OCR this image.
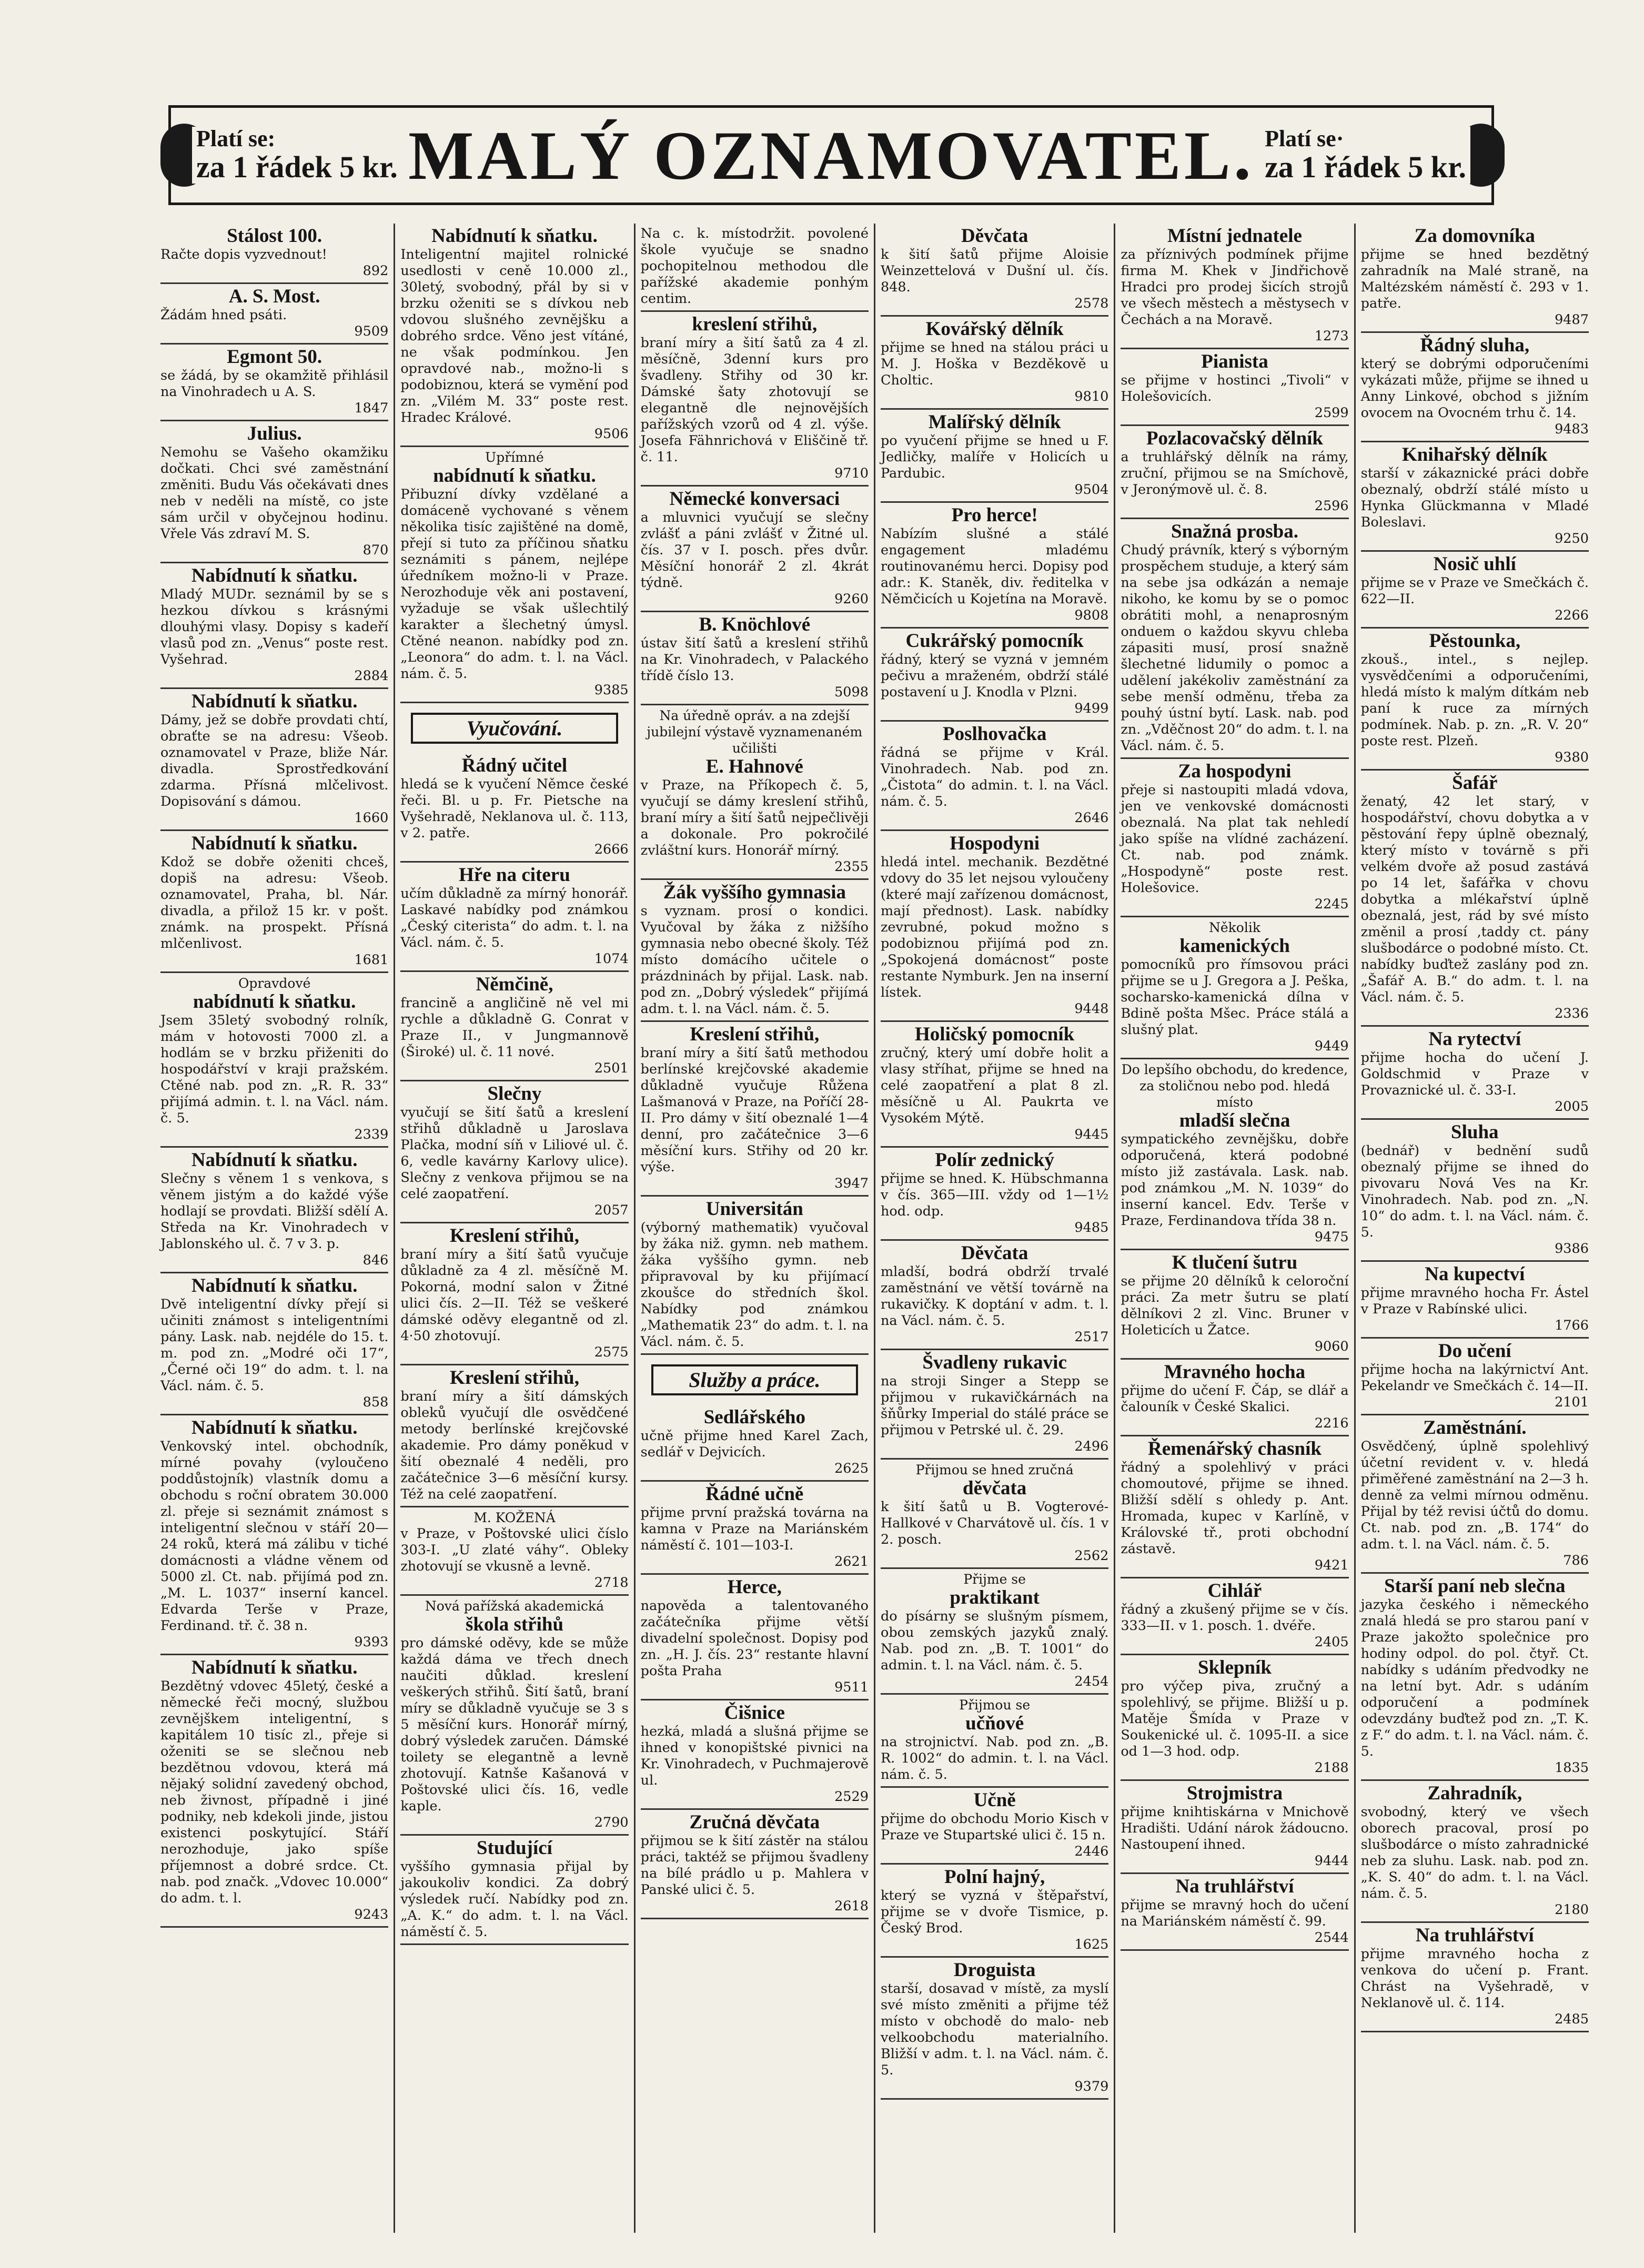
Platí se:
za 1 řádek 5 kr. MALÝ OZNAMOVATEL. Platí se·
za 1 řádek 5 kr.
Stálost 100.
Račte dopis vyzvednout!
892
A. S. Most.
Žádám hned psáti.
9509
Egmont 50.
se žádá, by se okamžitě přihlásil na Vinohradech u A. S.
1847
Julius.
Nemohu se Vašeho okamžiku dočkati. Chci své zaměstnání změniti. Budu Vás očekávati dnes neb v neděli na místě, co jste sám určil v obyčejnou hodinu. Vřele Vás zdraví M. S.
870
Nabídnutí k sňatku.
Mladý MUDr. seznámil by se s hezkou dívkou s krásnými dlouhými vlasy. Dopisy s kadeří vlasů pod zn. „Venus“ poste rest. Vyšehrad.
2884
Nabídnutí k sňatku.
Dámy, jež se dobře provdati chtí, obraťte se na adresu: Všeob. oznamovatel v Praze, bliže Nár. divadla. Sprostředkování zdarma. Přísná mlčelivost. Dopisování s dámou.
1660
Nabídnutí k sňatku.
Kdož se dobře oženiti chceš, dopiš na adresu: Všeob. oznamovatel, Praha, bl. Nár. divadla, a přilož 15 kr. v pošt. známk. na prospekt. Přísná mlčenlivost.
1681
Opravdové
nabídnutí k sňatku.
Jsem 35letý svobodný rolník, mám v hotovosti 7000 zl. a hodlám se v brzku přiženiti do hospodářství v kraji pražském. Ctěné nab. pod zn. „R. R. 33“ přijímá admin. t. l. na Václ. nám. č. 5.
2339
Nabídnutí k sňatku.
Slečny s věnem 1 s venkova, s věnem jistým a do každé výše hodlají se provdati. Bližší sdělí A. Středa na Kr. Vinohradech v Jablonského ul. č. 7 v 3. p.
846
Nabídnutí k sňatku.
Dvě inteligentní dívky přejí si učiniti známost s inteligentními pány. Lask. nab. nejdéle do 15. t. m. pod zn. „Modré oči 17“, „Černé oči 19“ do adm. t. l. na Václ. nám. č. 5.
858
Nabídnutí k sňatku.
Venkovský intel. obchodník, mírné povahy (vyloučeno poddůstojník) vlastník domu a obchodu s roční obratem 30.000 zl. přeje si seznámit známost s inteligentní slečnou v stáří 20—24 roků, která má zálibu v tiché domácnosti a vládne věnem od 5000 zl. Ct. nab. přijímá pod zn. „M. L. 1037“ inserní kancel. Edvarda Terše v Praze, Ferdinand. tř. č. 38 n.
9393
Nabídnutí k sňatku.
Bezdětný vdovec 45letý, české a německé řeči mocný, službou zevnějškem inteligentní, s kapitálem 10 tisíc zl., přeje si oženiti se se slečnou neb bezdětnou vdovou, která má nějaký solidní zavedený obchod, neb živnost, případně i jiné podniky, neb kdekoli jinde, jistou existenci poskytující. Stáří nerozhoduje, jako spíše příjemnost a dobré srdce. Ct. nab. pod značk. „Vdovec 10.000“ do adm. t. l.
9243
Nabídnutí k sňatku.
Inteligentní majitel rolnické usedlosti v ceně 10.000 zl., 30letý, svobodný, přál by si v brzku oženiti se s dívkou neb vdovou slušného zevnějšku a dobrého srdce. Věno jest vítáné, ne však podmínkou. Jen opravdové nab., možno-li s podobiznou, která se vymění pod zn. „Vilém M. 33“ poste rest. Hradec Králové.
9506
Upřímné
nabídnutí k sňatku.
Přibuzní dívky vzdělané a domáceně vychované s věnem několika tisíc zajištěné na domě, přejí si tuto za příčinou sňatku seznámiti s pánem, nejlépe úředníkem možno-li v Praze. Nerozhoduje věk ani postavení, vyžaduje se však ušlechtilý karakter a šlechetný úmysl. Ctěné neanon. nabídky pod zn. „Leonora“ do adm. t. l. na Václ. nám. č. 5.
9385
Vyučování.
Řádný učitel
hledá se k vyučení Němce české řeči. Bl. u p. Fr. Pietsche na Vyšehradě, Neklanova ul. č. 113, v 2. patře.
2666
Hře na citeru
učím důkladně za mírný honorář. Laskavé nabídky pod známkou „Český citerista“ do adm. t. l. na Václ. nám. č. 5.
1074
Němčině,
francině a angličině ně vel mi rychle a důkladně G. Conrat v Praze II., v Jungmannově (Široké) ul. č. 11 nové.
2501
Slečny
vyučují se šití šatů a kreslení střihů důkladně u Jaroslava Plačka, modní síň v Liliové ul. č. 6, vedle kavárny Karlovy ulice). Slečny z venkova přijmou se na celé zaopatření.
2057
Kreslení střihů,
braní míry a šití šatů vyučuje důkladně za 4 zl. měsíčně M. Pokorná, modní salon v Žitné ulici čís. 2—II. Též se veškeré dámské oděvy elegantně od zl. 4·50 zhotovují.
2575
Kreslení střihů,
braní míry a šití dámských obleků vyučují dle osvědčené metody berlínské krejčovské akademie. Pro dámy poněkud v šití obeznalé 4 neděli, pro začátečnice 3—6 měsíční kursy. Též na celé zaopatření.
M. KOŽENÁ
v Praze, v Poštovské ulici číslo 303-I. „U zlaté váhy“. Obleky zhotovují se vkusně a levně.
2718
Nová pařížská akademická
škola střihů
pro dámské oděvy, kde se může každá dáma ve třech dnech naučiti důklad. kreslení veškerých střihů. Šití šatů, braní míry se důkladně vyučuje se 3 s 5 měsíční kurs. Honorář mírný, dobrý výsledek zaručen. Dámské toilety se elegantně a levně zhotovují. Katnše Kašanová v Poštovské ulici čís. 16, vedle kaple.
2790
Studující
vyššího gymnasia přijal by jakoukoliv kondici. Za dobrý výsledek ručí. Nabídky pod zn. „A. K.“ do adm. t. l. na Václ. náměstí č. 5.
Na c. k. místodržit. povolené škole vyučuje se snadno pochopitelnou methodou dle pařížské akademie ponhým centim.
kreslení střihů,
braní míry a šití šatů za 4 zl. měsíčně, 3denní kurs pro švadleny. Střihy od 30 kr. Dámské šaty zhotovují se elegantně dle nejnovějších pařížských vzorů od 4 zl. výše. Josefa Fähnrichová v Eliščině tř. č. 11.
9710
Německé konversaci
a mluvnici vyučují se slečny zvlášť a páni zvlášť v Žitné ul. čís. 37 v I. posch. přes dvůr. Měsíční honorář 2 zl. 4krát týdně.
9260
B. Knöchlové
ústav šití šatů a kreslení střihů na Kr. Vinohradech, v Palackého třídě číslo 13.
5098
Na úředně opráv. a na zdejší jubilejní výstavě vyznamenaném učilišti
E. Hahnové
v Praze, na Příkopech č. 5, vyučují se dámy kreslení střihů, braní míry a šití šatů nejpečlivěji a dokonale. Pro pokročilé zvláštní kurs. Honorář mírný.
2355
Žák vyššího gymnasia
s vyznam. prosí o kondici. Vyučoval by žáka z nižšího gymnasia nebo obecné školy. Též místo domácího učitele o prázdninách by přijal. Lask. nab. pod zn. „Dobrý výsledek“ přijímá adm. t. l. na Václ. nám. č. 5.
Kreslení střihů,
braní míry a šití šatů methodou berlínské krejčovské akademie důkladně vyučuje Růžena Lašmanová v Praze, na Poříčí 28-II. Pro dámy v šití obeznalé 1—4 denní, pro začátečnice 3—6 měsíční kurs. Střihy od 20 kr. výše.
3947
Universitán
(výborný mathematik) vyučoval by žáka niž. gymn. neb mathem. žáka vyššího gymn. neb připravoval by ku přijímací zkoušce do středních škol. Nabídky pod známkou „Mathematik 23“ do adm. t. l. na Václ. nám. č. 5.
Služby a práce.
Sedlářského
učně přijme hned Karel Zach, sedlář v Dejvicích.
2625
Řádné učně
přijme první pražská továrna na kamna v Praze na Mariánském náměstí č. 101—103-I.
2621
Herce,
napověda a talentovaného začátečníka přijme větší divadelní společnost. Dopisy pod zn. „H. J. čís. 23“ restante hlavní pošta Praha
9511
Čišnice
hezká, mladá a slušná přijme se ihned v konopištské pivnici na Kr. Vinohradech, v Puchmajerově ul.
2529
Zručná děvčata
přijmou se k šití zástěr na stálou práci, taktéž se přijmou švadleny na bílé prádlo u p. Mahlera v Panské ulici č. 5.
2618
Děvčata
k šití šatů přijme Aloisie Weinzettelová v Dušní ul. čís. 848.
2578
Kovářský dělník
přijme se hned na stálou práci u M. J. Hoška v Bezděkově u Choltic.
9810
Malířský dělník
po vyučení přijme se hned u F. Jedličky, malíře v Holicích u Pardubic.
9504
Pro herce!
Nabízím slušné a stálé engagement mladému routinovanému herci. Dopisy pod adr.: K. Staněk, div. ředitelka v Němčicích u Kojetína na Moravě.
9808
Cukrářský pomocník
řádný, který se vyzná v jemném pečivu a mraženém, obdrží stálé postavení u J. Knodla v Plzni.
9499
Poslhovačka
řádná se přijme v Král. Vinohradech. Nab. pod zn. „Čistota“ do admin. t. l. na Václ. nám. č. 5.
2646
Hospodyni
hledá intel. mechanik. Bezdětné vdovy do 35 let nejsou vyloučeny (které mají zařízenou domácnost, mají přednost). Lask. nabídky zevrubné, pokud možno s podobiznou přijímá pod zn. „Spokojená domácnost“ poste restante Nymburk. Jen na inserní lístek.
9448
Holičský pomocník
zručný, který umí dobře holit a vlasy stříhat, přijme se hned na celé zaopatření a plat 8 zl. měsíčně u Al. Paukrta ve Vysokém Mýtě.
9445
Polír zednický
přijme se hned. K. Hübschmanna v čís. 365—III. vždy od 1—1½ hod. odp.
9485
Děvčata
mladší, bodrá obdrží trvalé zaměstnání ve větší továrně na rukavičky. K doptání v adm. t. l. na Václ. nám. č. 5.
2517
Švadleny rukavic
na stroji Singer a Stepp se přijmou v rukavičkárnách na šňůrky Imperial do stálé práce se přijmou v Petrské ul. č. 29.
2496
Přijmou se hned zručná
děvčata
k šití šatů u B. Vogterové-Hallkové v Charvátově ul. čís. 1 v 2. posch.
2562
Přijme se
praktikant
do písárny se slušným písmem, obou zemských jazyků znalý. Nab. pod zn. „B. T. 1001“ do admin. t. l. na Václ. nám. č. 5.
2454
Přijmou se
učňové
na strojnictví. Nab. pod zn. „B. R. 1002“ do admin. t. l. na Václ. nám. č. 5.
Učně
přijme do obchodu Morio Kisch v Praze ve Stupartské ulici č. 15 n.
2446
Polní hajný,
který se vyzná v štěpařství, přijme se v dvoře Tismice, p. Český Brod.
1625
Droguista
starší, dosavad v místě, za myslí své místo změniti a přijme též místo v obchodě do malo- neb velkoobchodu materialního. Bližší v adm. t. l. na Václ. nám. č. 5.
9379
Místní jednatele
za příznivých podmínek přijme firma M. Khek v Jindřichově Hradci pro prodej šicích strojů ve všech městech a městysech v Čechách a na Moravě.
1273
Pianista
se přijme v hostinci „Tivoli“ v Holešovicích.
2599
Pozlacovačský dělník
a truhlářský dělník na rámy, zruční, přijmou se na Smíchově, v Jeronýmově ul. č. 8.
2596
Snažná prosba.
Chudý právník, který s výborným prospěchem studuje, a který sám na sebe jsa odkázán a nemaje nikoho, ke komu by se o pomoc obrátiti mohl, a nenaprosným onduem o každou skyvu chleba zápasiti musí, prosí snažně šlechetné lidumily o pomoc a udělení jakékoliv zaměstnání za sebe menší odměnu, třeba za pouhý ústní bytí. Lask. nab. pod zn. „Vděčnost 20“ do adm. t. l. na Václ. nám. č. 5.
Za hospodyni
přeje si nastoupiti mladá vdova, jen ve venkovské domácnosti obeznalá. Na plat tak nehledí jako spíše na vlídné zacházení. Ct. nab. pod známk. „Hospodyně“ poste rest. Holešovice.
2245
Několik
kamenických
pomocníků pro římsovou práci přijme se u J. Gregora a J. Peška, socharsko-kamenická dílna v Bdině pošta Mšec. Práce stálá a slušný plat.
9449
Do lepšího obchodu, do kredence, za stoličnou nebo pod. hledá místo
mladší slečna
sympatického zevnějšku, dobře odporučená, která podobné místo již zastávala. Lask. nab. pod známkou „M. N. 1039“ do inserní kancel. Edv. Terše v Praze, Ferdinandova třída 38 n.
9475
K tlučení šutru
se přijme 20 dělníků k celoroční práci. Za metr šutru se platí dělníkovi 2 zl. Vinc. Bruner v Holeticích u Žatce.
9060
Mravného hocha
přijme do učení F. Čáp, se dlář a čalouník v České Skalici.
2216
Řemenářský chasník
řádný a spolehlivý v práci chomoutové, přijme se ihned. Bližší sdělí s ohledy p. Ant. Hromada, kupec v Karlíně, v Královské tř., proti obchodní zástavě.
9421
Cihlář
řádný a zkušený přijme se v čís. 333—II. v 1. posch. 1. dvéře.
2405
Sklepník
pro výčep piva, zručný a spolehlivý, se přijme. Bližší u p. Matěje Šmída v Praze v Soukenické ul. č. 1095-II. a sice od 1—3 hod. odp.
2188
Strojmistra
přijme knihtiskárna v Mnichově Hradišti. Udání nárok žádoucno. Nastoupení ihned.
9444
Na truhlářství
přijme se mravný hoch do učení na Mariánském náměstí č. 99.
2544
Za domovníka
přijme se hned bezdětný zahradník na Malé straně, na Maltézském náměstí č. 293 v 1. patře.
9487
Řádný sluha,
který se dobrými odporučeními vykázati může, přijme se ihned u Anny Linkové, obchod s jižním ovocem na Ovocném trhu č. 14.
9483
Knihařský dělník
starší v zákaznické práci dobře obeznalý, obdrží stálé místo u Hynka Glückmanna v Mladé Boleslavi.
9250
Nosič uhlí
přijme se v Praze ve Smečkách č. 622—II.
2266
Pěstounka,
zkouš., intel., s nejlep. vysvědčeními a odporučeními, hledá místo k malým dítkám neb paní k ruce za mírných podmínek. Nab. p. zn. „R. V. 20“ poste rest. Plzeň.
9380
Šafář
ženatý, 42 let starý, v hospodářství, chovu dobytka a v pěstování řepy úplně obeznalý, který místo v továrně s při velkém dvoře až posud zastává po 14 let, šafářka v chovu dobytka a mlékařství úplně obeznalá, jest, rád by své místo změnil a prosí ,taddy ct. pány slušbodárce o podobné místo. Ct. nabídky buďtež zaslány pod zn. „Šafář A. B.“ do adm. t. l. na Václ. nám. č. 5.
2336
Na rytectví
přijme hocha do učení J. Goldschmid v Praze v Provaznické ul. č. 33-I.
2005
Sluha
(bednář) v bednění sudů obeznalý přijme se ihned do pivovaru Nová Ves na Kr. Vinohradech. Nab. pod zn. „N. 10“ do adm. t. l. na Václ. nám. č. 5.
9386
Na kupectví
přijme mravného hocha Fr. Ástel v Praze v Rabínské ulici.
1766
Do učení
přijme hocha na lakýrnictví Ant. Pekelandr ve Smečkách č. 14—II.
2101
Zaměstnání.
Osvědčený, úplně spolehlivý účetní revident v. v. hledá přiměřené zaměstnání na 2—3 h. denně za velmi mírnou odměnu. Přijal by též revisi účtů do domu. Ct. nab. pod zn. „B. 174“ do adm. t. l. na Václ. nám. č. 5.
786
Starší paní neb slečna
jazyka českého i německého znalá hledá se pro starou paní v Praze jakožto společnice pro hodiny odpol. do pol. čtyř. Ct. nabídky s udáním předvodky ne na letní byt. Adr. s udáním odporučení a podmínek odevzdány buďtež pod zn. „T. K. z F.“ do adm. t. l. na Václ. nám. č. 5.
1835
Zahradník,
svobodný, který ve všech oborech pracoval, prosí po slušbodárce o místo zahradnické neb za sluhu. Lask. nab. pod zn. „K. S. 40“ do adm. t. l. na Václ. nám. č. 5.
2180
Na truhlářství
přijme mravného hocha z venkova do učení p. Frant. Chrást na Vyšehradě, v Neklanově ul. č. 114.
2485
